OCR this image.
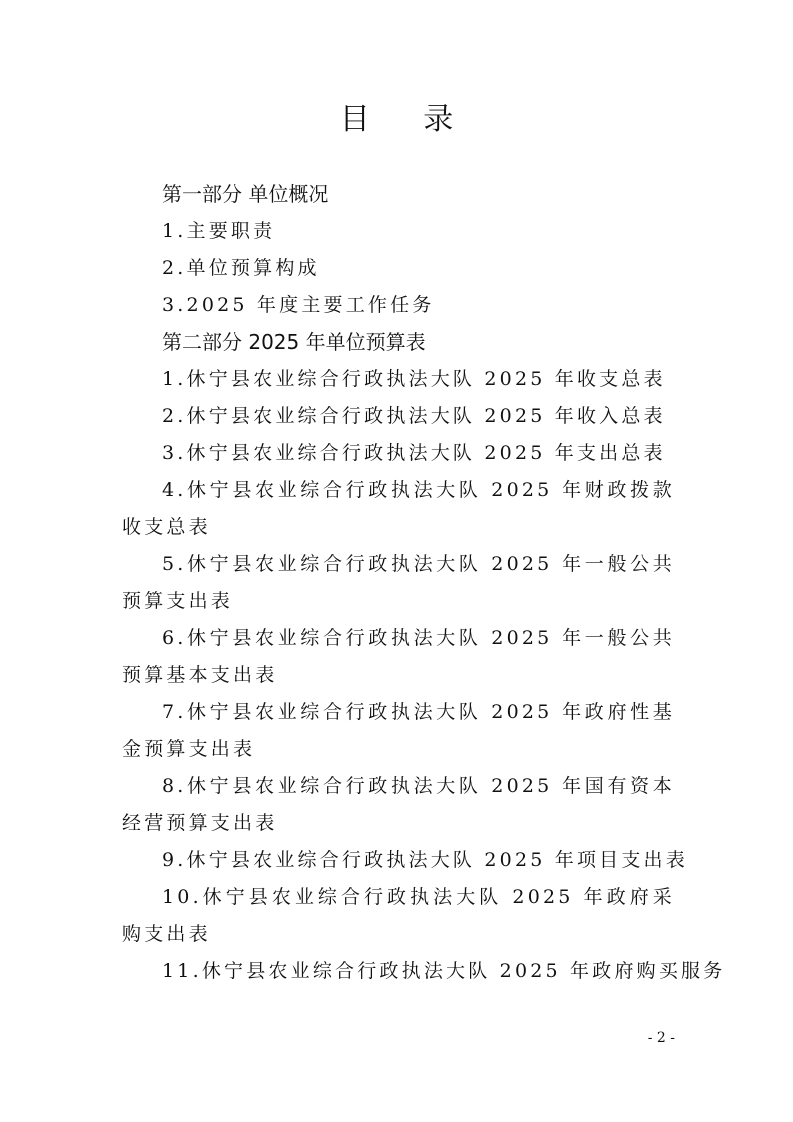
目 录
第一部分 单位概况
1.主要职责
2.单位预算构成
3.2025 年度主要工作任务
第二部分 2025 年单位预算表
1.休宁县农业综合行政执法大队 2025 年收支总表
2.休宁县农业综合行政执法大队 2025 年收入总表
3.休宁县农业综合行政执法大队 2025 年支出总表
4.休宁县农业综合行政执法大队 2025 年财政拨款收支总表
5.休宁县农业综合行政执法大队 2025 年一般公共预算支出表
6.休宁县农业综合行政执法大队 2025 年一般公共预算基本支出表
7.休宁县农业综合行政执法大队 2025 年政府性基金预算支出表
8.休宁县农业综合行政执法大队 2025 年国有资本经营预算支出表
9.休宁县农业综合行政执法大队 2025 年项目支出表
10.休宁县农业综合行政执法大队 2025 年政府采购支出表
11.休宁县农业综合行政执法大队 2025 年政府购买服务
- 2 -
